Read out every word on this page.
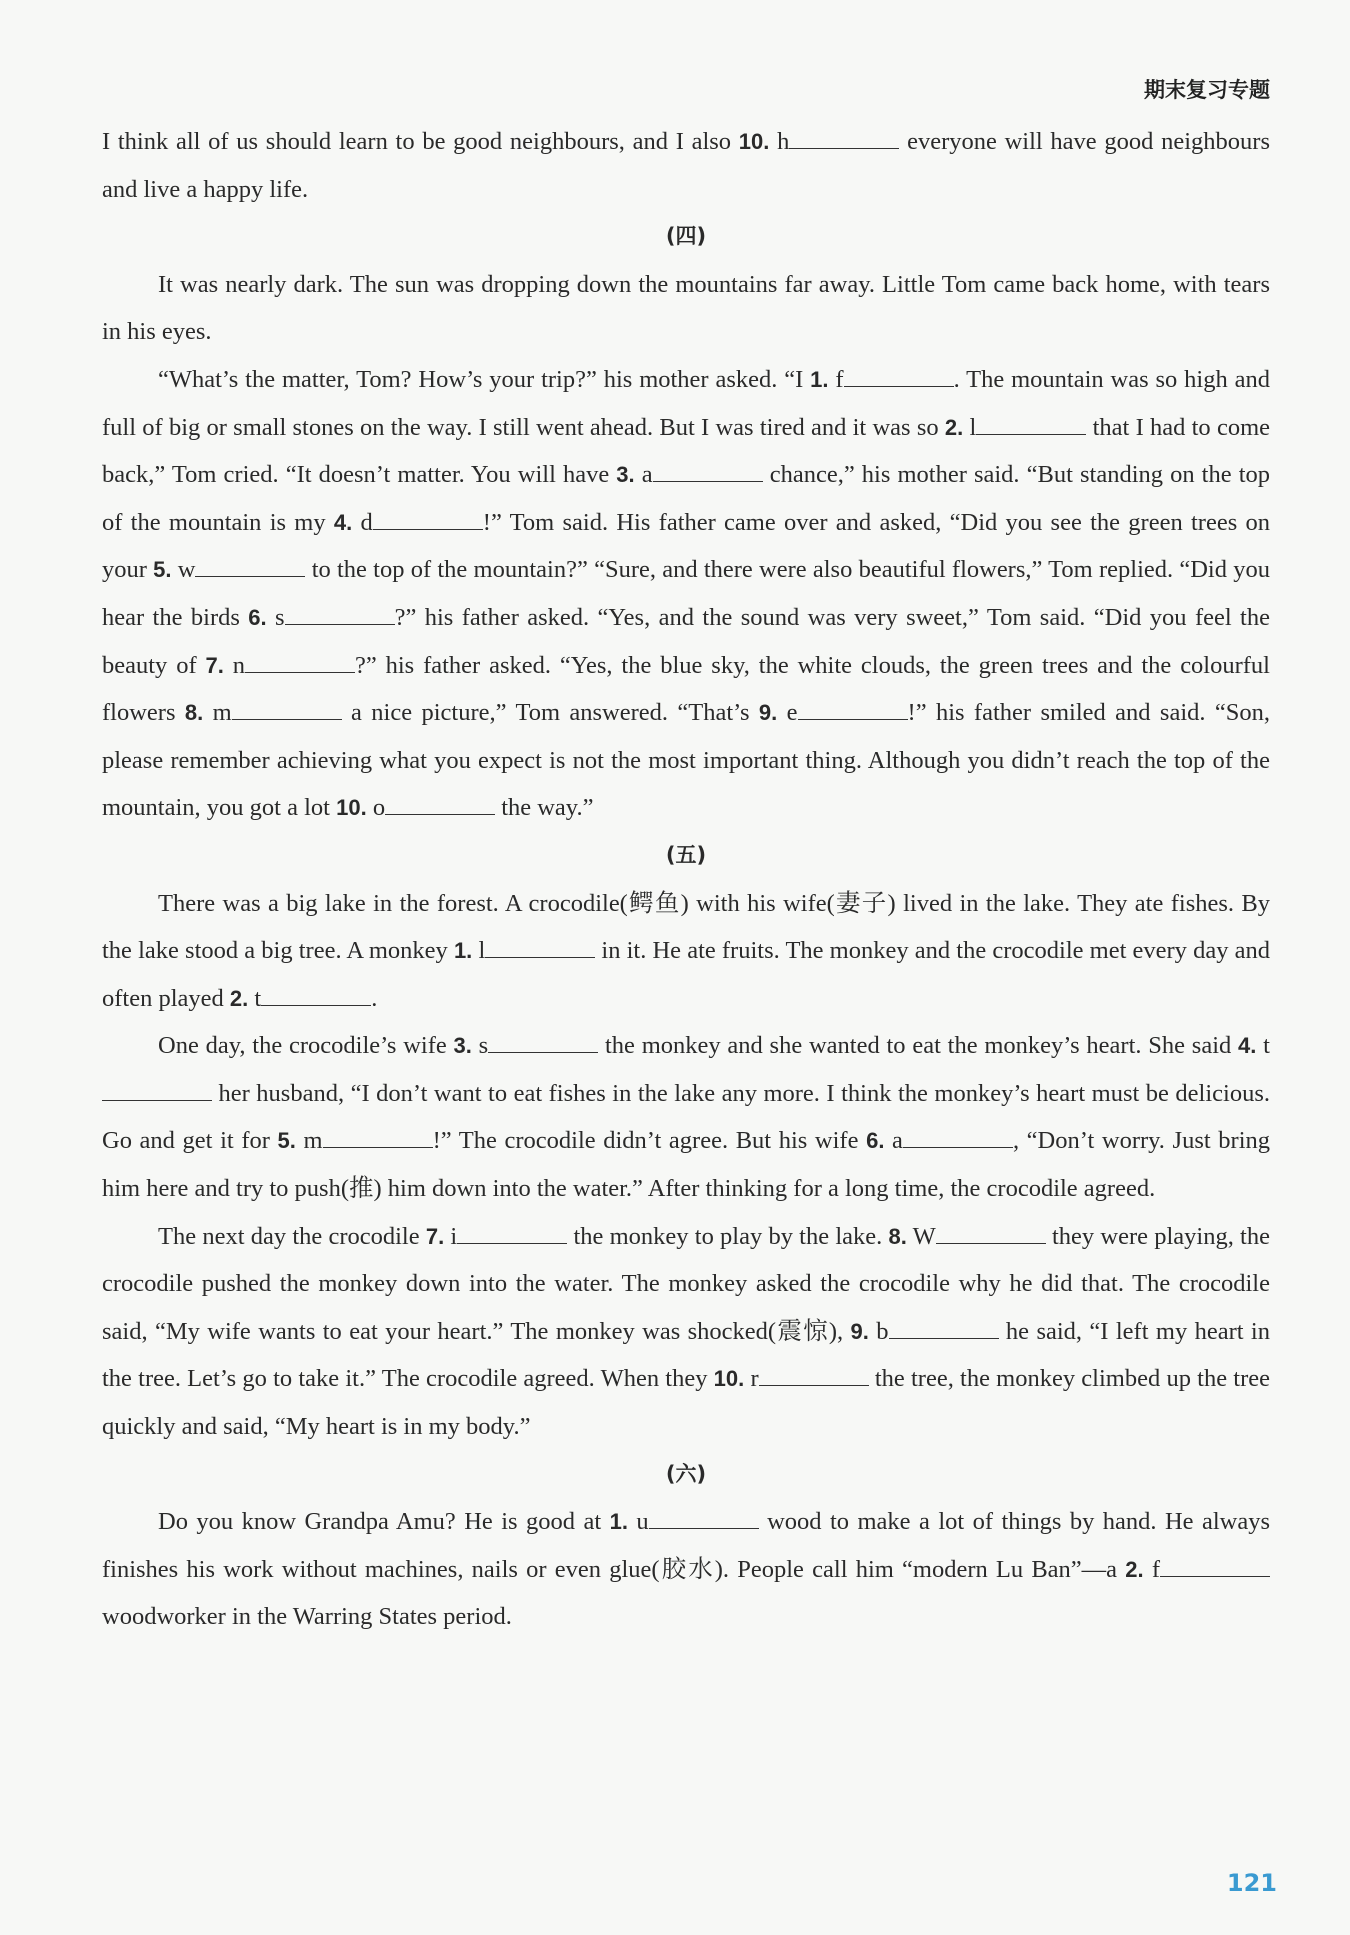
期末复习专题

I think all of us should learn to be good neighbours, and I also 10. h	everyone will have good neighbours and live a happy life.

(四)

It was nearly dark. The sun was dropping down the mountains far away. Little Tom came back home, with tears in his eyes.

“What’s the matter, Tom? How’s your trip?” his mother asked. “I 1. f	. The mountain was so high and full of big or small stones on the way. I still went ahead. But I was tired and it was so 2. l	that I had to come back,” Tom cried. “It doesn’t matter. You will have 3. a	chance,” his mother said. “But standing on the top of the mountain is my 4. d	!” Tom said. His father came over and asked, “Did you see the green trees on your 5. w	to the top of the mountain?” “Sure, and there were also beautiful flowers,” Tom replied. “Did you hear the birds 6. s	?” his father asked. “Yes, and the sound was very sweet,” Tom said. “Did you feel the beauty of 7. n	?” his father asked. “Yes, the blue sky, the white clouds, the green trees and the colourful flowers 8. m	a nice picture,” Tom answered. “That’s 9. e	!” his father smiled and said. “Son, please remember achieving what you expect is not the most important thing. Although you didn’t reach the top of the mountain, you got a lot 10. o	the way.”

(五)

There was a big lake in the forest. A crocodile(鳄鱼) with his wife(妻子) lived in the lake. They ate fishes. By the lake stood a big tree. A monkey 1. l	in it. He ate fruits. The monkey and the crocodile met every day and often played 2. t	.

One day, the crocodile’s wife 3. s	the monkey and she wanted to eat the monkey’s heart. She said 4. t her husband, “I don’t want to eat fishes in the lake any more. I think the monkey’s heart must be delicious. Go and get it for 5. m	!” The crocodile didn’t agree. But his wife 6. a	, “Don’t worry. Just bring him here and try to push(推) him down into the water.” After thinking for a long time, the crocodile agreed.

The next day the crocodile 7. i	the monkey to play by the lake. 8. W	they were playing, the crocodile pushed the monkey down into the water. The monkey asked the crocodile why he did that. The crocodile said, “My wife wants to eat your heart.” The monkey was shocked(震惊), 9. b	he said, “I left my heart in the tree. Let’s go to take it.” The crocodile agreed. When they 10. r	the tree, the monkey climbed up the tree quickly and said, “My heart is in my body.”

(六)

Do you know Grandpa Amu? He is good at 1. u	wood to make a lot of things by hand. He always finishes his work without machines, nails or even glue(胶水). People call him “modern Lu Ban”—a 2. f woodworker in the Warring States period.

121
